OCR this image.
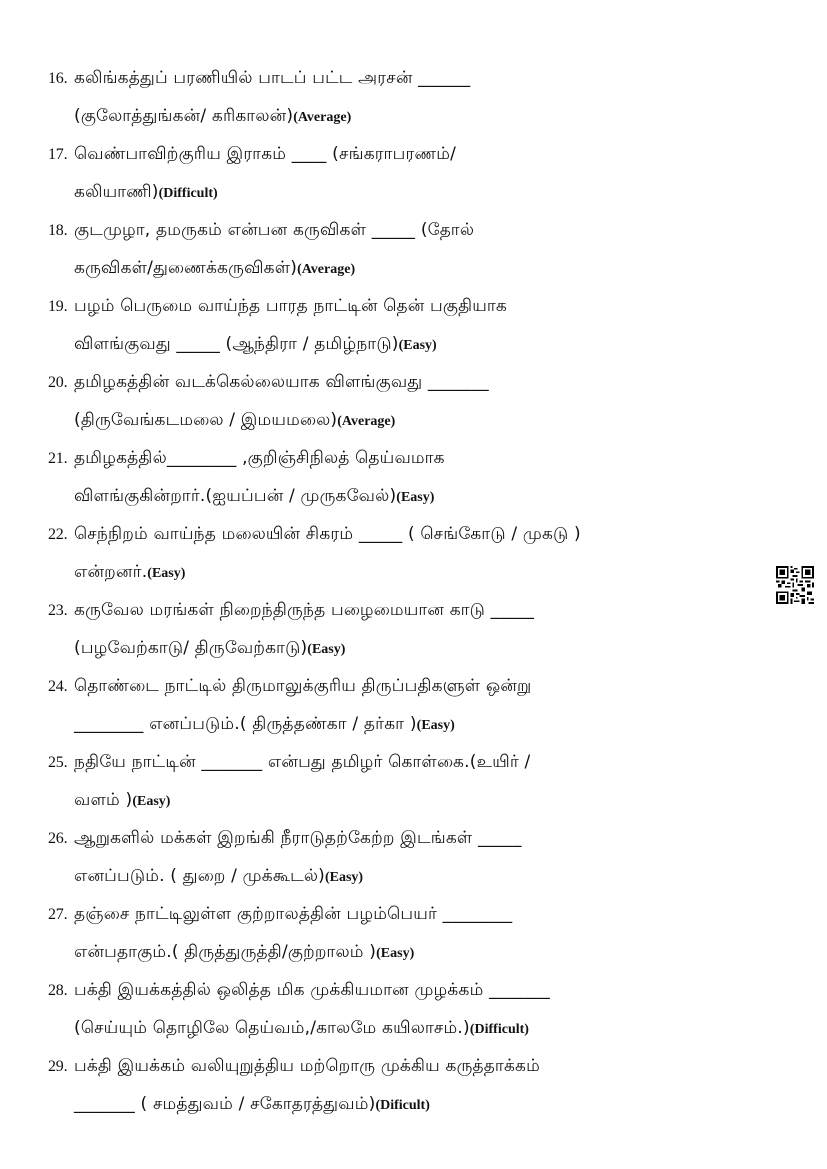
16. கலிங்கத்துப் பரணியில் பாடப் பட்ட அரசன் ______
(குலோத்துங்கன்/ கரிகாலன்) (Average)
17. வெண்பாவிற்குரிய இராகம் ____ (சங்கராபரணம்/
கலியாணி) (Difficult)
18. குடமுழா, தமருகம் என்பன கருவிகள் _____ (தோல்
கருவிகள்/துணைக்கருவிகள்) (Average)
19. பழம் பெருமை வாய்ந்த பாரத நாட்டின் தென் பகுதியாக
விளங்குவது _____ (ஆந்திரா / தமிழ்நாடு) (Easy)
20. தமிழகத்தின் வடக்கெல்லையாக விளங்குவது _______
(திருவேங்கடமலை / இமயமலை) (Average)
21. தமிழகத்தில்________ ,குறிஞ்சிநிலத் தெய்வமாக
விளங்குகின்றார்.(ஐயப்பன் / முருகவேல்) (Easy)
22. செந்நிறம் வாய்ந்த மலையின் சிகரம் _____ ( செங்கோடு / முகடு )
என்றனர். (Easy)
23. கருவேல மரங்கள் நிறைந்திருந்த பழைமையான காடு _____
(பழவேற்காடு/ திருவேற்காடு) (Easy)
24. தொண்டை நாட்டில் திருமாலுக்குரிய திருப்பதிகளுள் ஒன்று
________ எனப்படும்.( திருத்தண்கா / தர்கா ) (Easy)
25. நதியே நாட்டின் _______ என்பது தமிழர் கொள்கை.(உயிர் /
வளம் ) (Easy)
26. ஆறுகளில் மக்கள் இறங்கி நீராடுதற்கேற்ற இடங்கள் _____
எனப்படும். ( துறை / முக்கூடல்) (Easy)
27. தஞ்சை நாட்டிலுள்ள குற்றாலத்தின் பழம்பெயர் ________
என்பதாகும்.( திருத்துருத்தி/குற்றாலம் ) (Easy)
28. பக்தி இயக்கத்தில் ஒலித்த மிக முக்கியமான முழக்கம் _______
(செய்யும் தொழிலே தெய்வம்,/காலமே கயிலாசம்.) (Difficult)
29. பக்தி இயக்கம் வலியுறுத்திய மற்றொரு முக்கிய கருத்தாக்கம்
_______ ( சமத்துவம் / சகோதரத்துவம்) (Dificult)
